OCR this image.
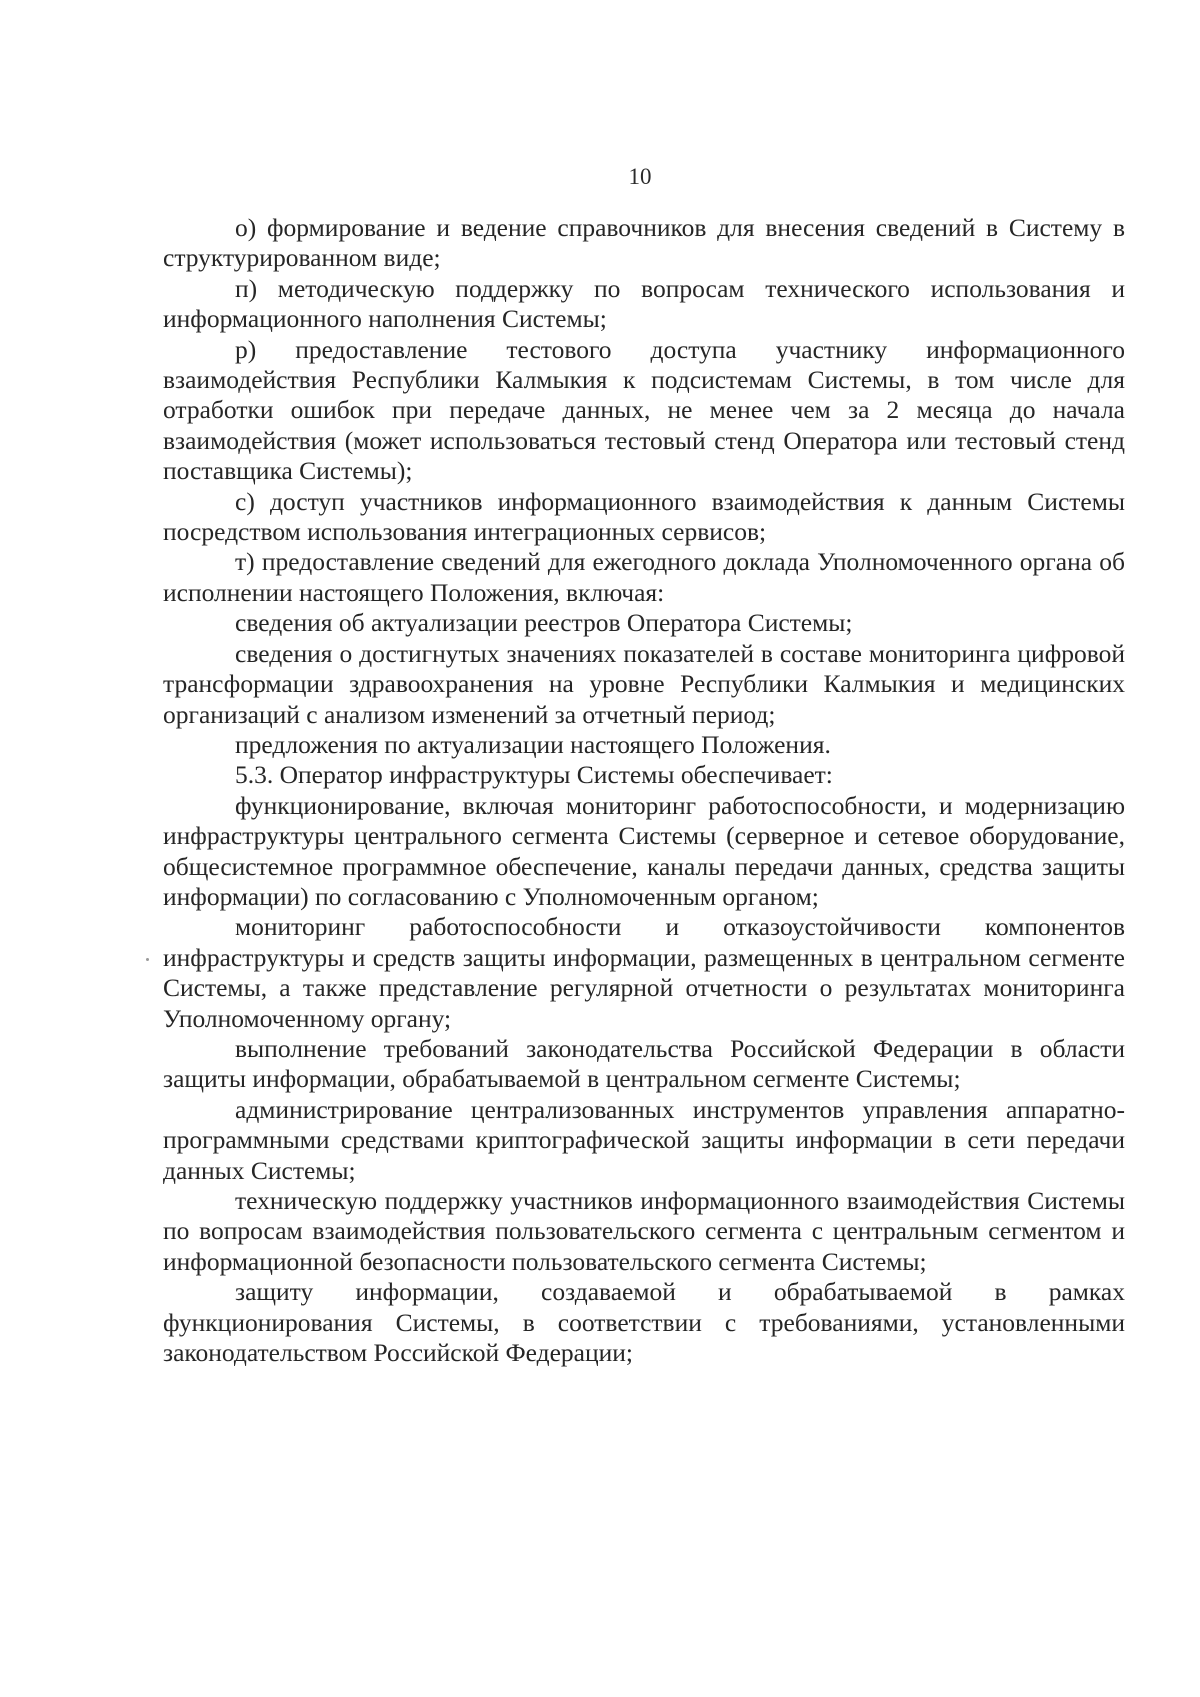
10

о) формирование и ведение справочников для внесения сведений в Систему в структурированном виде;

п) методическую поддержку по вопросам технического использования и информационного наполнения Системы;

р) предоставление тестового доступа участнику информационного взаимодействия Республики Калмыкия к подсистемам Системы, в том числе для отработки ошибок при передаче данных, не менее чем за 2 месяца до начала взаимодействия (может использоваться тестовый стенд Оператора или тестовый стенд поставщика Системы);

с) доступ участников информационного взаимодействия к данным Системы посредством использования интеграционных сервисов;

т) предоставление сведений для ежегодного доклада Уполномоченного органа об исполнении настоящего Положения, включая:

сведения об актуализации реестров Оператора Системы;

сведения о достигнутых значениях показателей в составе мониторинга цифровой трансформации здравоохранения на уровне Республики Калмыкия и медицинских организаций с анализом изменений за отчетный период;

предложения по актуализации настоящего Положения.

5.3. Оператор инфраструктуры Системы обеспечивает:

функционирование, включая мониторинг работоспособности, и модернизацию инфраструктуры центрального сегмента Системы (серверное и сетевое оборудование, общесистемное программное обеспечение, каналы передачи данных, средства защиты информации) по согласованию с Уполномоченным органом;

мониторинг работоспособности и отказоустойчивости компонентов инфраструктуры и средств защиты информации, размещенных в центральном сегменте Системы, а также представление регулярной отчетности о результатах мониторинга Уполномоченному органу;

выполнение требований законодательства Российской Федерации в области защиты информации, обрабатываемой в центральном сегменте Системы;

администрирование централизованных инструментов управления аппаратно-программными средствами криптографической защиты информации в сети передачи данных Системы;

техническую поддержку участников информационного взаимодействия Системы по вопросам взаимодействия пользовательского сегмента с центральным сегментом и информационной безопасности пользовательского сегмента Системы;

защиту информации, создаваемой и обрабатываемой в рамках функционирования Системы, в соответствии с требованиями, установленными законодательством Российской Федерации;
